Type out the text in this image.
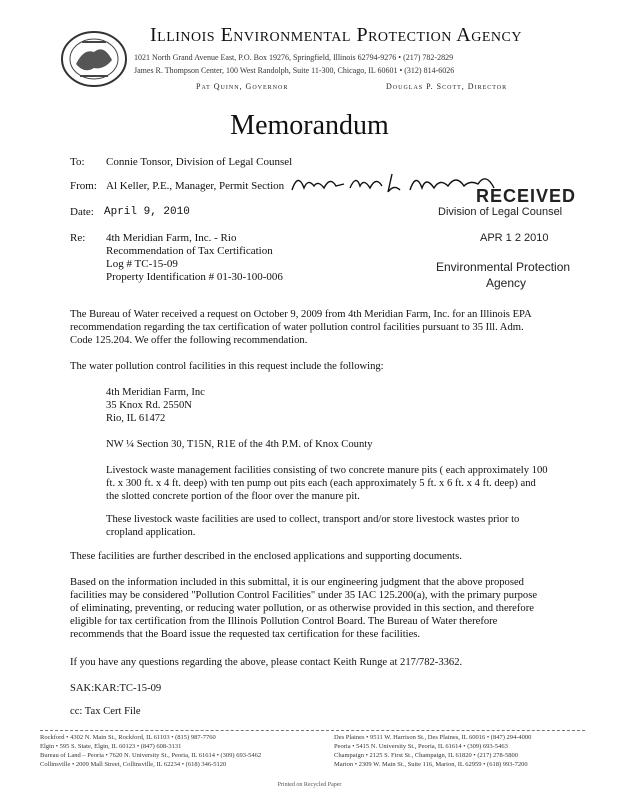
Illinois Environmental Protection Agency
1021 North Grand Avenue East, P.O. Box 19276, Springfield, Illinois 62794-9276 • (217) 782-2829
James R. Thompson Center, 100 West Randolph, Suite 11-300, Chicago, IL 60601 • (312) 814-6026
Pat Quinn, Governor	Douglas P. Scott, Director
Memorandum
To: Connie Tonsor, Division of Legal Counsel
From: Al Keller, P.E., Manager, Permit Section
Date: April 9, 2010
Re: 4th Meridian Farm, Inc. - Rio
Recommendation of Tax Certification
Log # TC-15-09
Property Identification # 01-30-100-006
RECEIVED
Division of Legal Counsel
APR 1 2 2010
Environmental Protection
Agency
The Bureau of Water received a request on October 9, 2009 from 4th Meridian Farm, Inc. for an Illinois EPA recommendation regarding the tax certification of water pollution control facilities pursuant to 35 Ill. Adm. Code 125.204. We offer the following recommendation.
The water pollution control facilities in this request include the following:
4th Meridian Farm, Inc
35 Knox Rd. 2550N
Rio, IL 61472
NW ¼ Section 30, T15N, R1E of the 4th P.M. of Knox County
Livestock waste management facilities consisting of two concrete manure pits ( each approximately 100 ft. x 300 ft. x 4 ft. deep) with ten pump out pits each (each approximately 5 ft. x 6 ft. x 4 ft. deep) and the slotted concrete portion of the floor over the manure pit.
These livestock waste facilities are used to collect, transport and/or store livestock wastes prior to cropland application.
These facilities are further described in the enclosed applications and supporting documents.
Based on the information included in this submittal, it is our engineering judgment that the above proposed facilities may be considered "Pollution Control Facilities" under 35 IAC 125.200(a), with the primary purpose of eliminating, preventing, or reducing water pollution, or as otherwise provided in this section, and therefore eligible for tax certification from the Illinois Pollution Control Board. The Bureau of Water therefore recommends that the Board issue the requested tax certification for these facilities.
If you have any questions regarding the above, please contact Keith Runge at 217/782-3362.
SAK:KAR:TC-15-09
cc: Tax Cert File
Rockford • 4302 N. Main St., Rockford, IL 61103 • (815) 987-7760
Elgin • 595 S. State, Elgin, IL 60123 • (847) 608-3131
Bureau of Land – Peoria • 7620 N. University St., Peoria, IL 61614 • (309) 693-5462
Collinsville • 2009 Mall Street, Collinsville, IL 62234 • (618) 346-5120
Des Plaines • 9511 W. Harrison St., Des Plaines, IL 60016 • (847) 294-4000
Peoria • 5415 N. University St., Peoria, IL 61614 • (309) 693-5463
Champaign • 2125 S. First St., Champaign, IL 61820 • (217) 278-5800
Marion • 2309 W. Main St., Suite 116, Marion, IL 62959 • (618) 993-7200
Printed on Recycled Paper
